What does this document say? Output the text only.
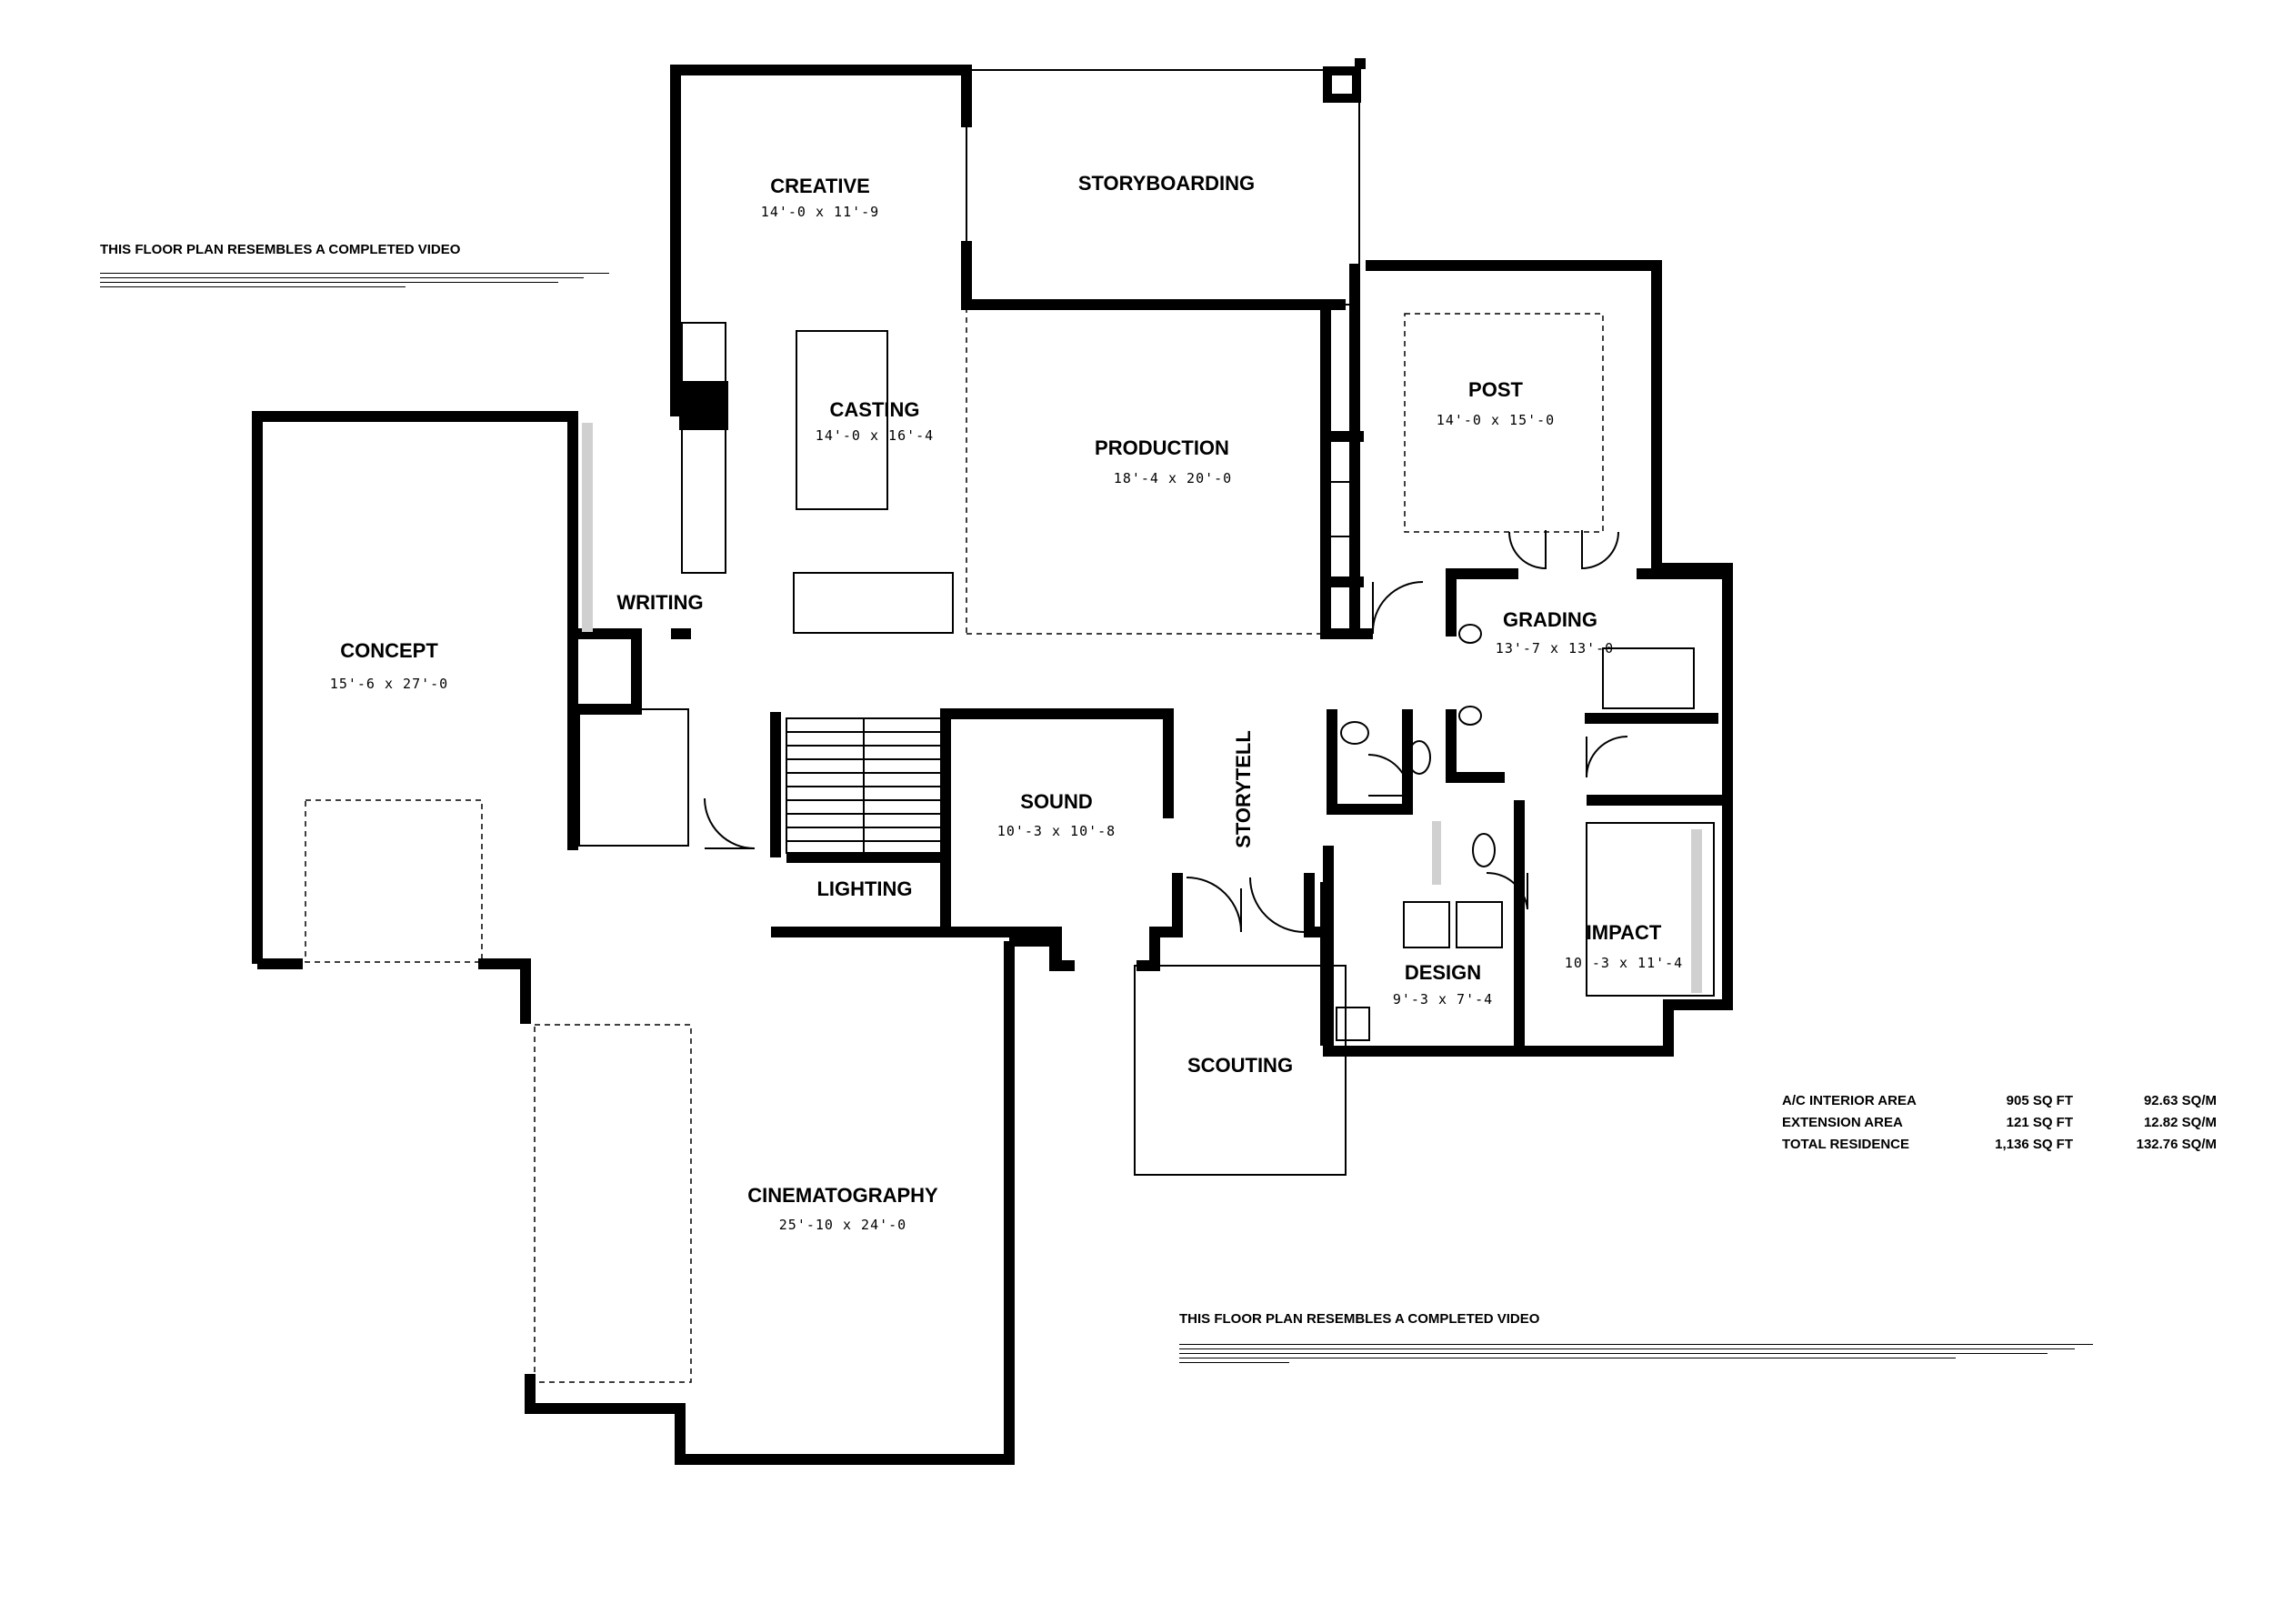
CREATIVE
14'-0 x 11'-9
STORYBOARDING
CASTING
14'-0 x 16'-4
PRODUCTION
18'-4 x 20'-0
POST
14'-0 x 15'-0
CONCEPT
15'-6 x 27'-0
WRITING
GRADING
13'-7 x 13'-0
SOUND
10'-3 x 10'-8	STORYTELL
LIGHTING
IMPACT
10'-3 x 11'-4
DESIGN
9'-3 x 7'-4
SCOUTING
CINEMATOGRAPHY
25'-10 x 24'-0
THIS FLOOR PLAN RESEMBLES A COMPLETED VIDEO
THIS FLOOR PLAN RESEMBLES A COMPLETED VIDEO
A/C INTERIOR AREA	905 SQ FT	92.63 SQ/M
EXTENSION AREA	121 SQ FT	12.82 SQ/M
TOTAL RESIDENCE	1,136 SQ FT	132.76 SQ/M
